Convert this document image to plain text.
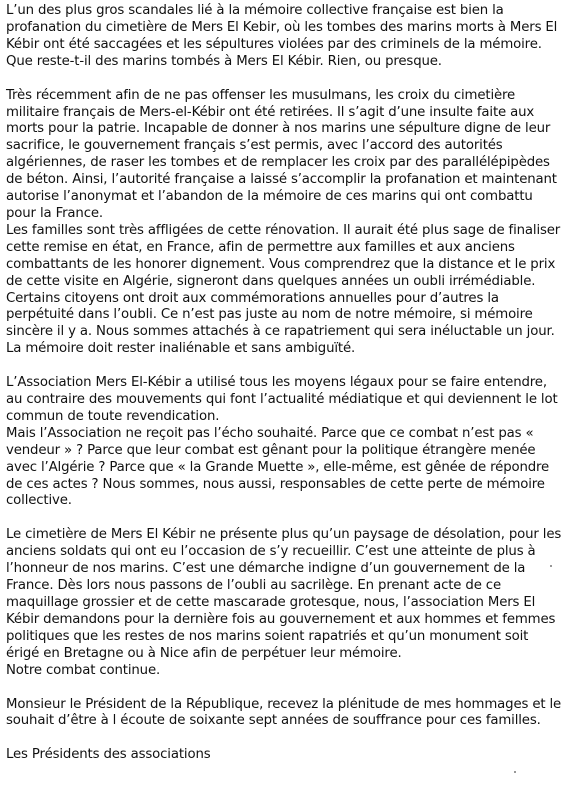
L’un des plus gros scandales lié à la mémoire collective française est bien la profanation du cimetière de Mers El Kebir, où les tombes des marins morts à Mers El Kébir ont été saccagées et les sépultures violées par des criminels de la mémoire. Que reste-t-il des marins tombés à Mers El Kébir. Rien, ou presque.

Très récemment afin de ne pas offenser les musulmans, les croix du cimetière militaire français de Mers-el-Kébir ont été retirées. Il s’agit d’une insulte faite aux morts pour la patrie. Incapable de donner à nos marins une sépulture digne de leur sacrifice, le gouvernement français s’est permis, avec l’accord des autorités algériennes, de raser les tombes et de remplacer les croix par des parallélépipèdes de béton. Ainsi, l’autorité française a laissé s’accomplir la profanation et maintenant autorise l’anonymat et l’abandon de la mémoire de ces marins qui ont combattu pour la France.

Les familles sont très affligées de cette rénovation. Il aurait été plus sage de finaliser cette remise en état, en France, afin de permettre aux familles et aux anciens combattants de les honorer dignement. Vous comprendrez que la distance et le prix de cette visite en Algérie, signeront dans quelques années un oubli irrémédiable. Certains citoyens ont droit aux commémorations annuelles pour d’autres la perpétuité dans l’oubli. Ce n’est pas juste au nom de notre mémoire, si mémoire sincère il y a. Nous sommes attachés à ce rapatriement qui sera inéluctable un jour. La mémoire doit rester inaliénable et sans ambiguïté.

L’Association Mers El-Kébir a utilisé tous les moyens légaux pour se faire entendre, au contraire des mouvements qui font l’actualité médiatique et qui deviennent le lot commun de toute revendication.

Mais l’Association ne reçoit pas l’écho souhaité. Parce que ce combat n’est pas « vendeur » ? Parce que leur combat est gênant pour la politique étrangère menée avec l’Algérie ? Parce que « la Grande Muette », elle-même, est gênée de répondre de ces actes ? Nous sommes, nous aussi, responsables de cette perte de mémoire collective.

Le cimetière de Mers El Kébir ne présente plus qu’un paysage de désolation, pour les anciens soldats qui ont eu l’occasion de s’y recueillir. C’est une atteinte de plus à l’honneur de nos marins. C’est une démarche indigne d’un gouvernement de la France. Dès lors nous passons de l’oubli au sacrilège. En prenant acte de ce maquillage grossier et de cette mascarade grotesque, nous, l’association Mers El Kébir demandons pour la dernière fois au gouvernement et aux hommes et femmes politiques que les restes de nos marins soient rapatriés et qu’un monument soit érigé en Bretagne ou à Nice afin de perpétuer leur mémoire.

Notre combat continue.

Monsieur le Président de la République, recevez la plénitude de mes hommages et le souhait d’être à l écoute de soixante sept années de souffrance pour ces familles.

Les Présidents des associations
